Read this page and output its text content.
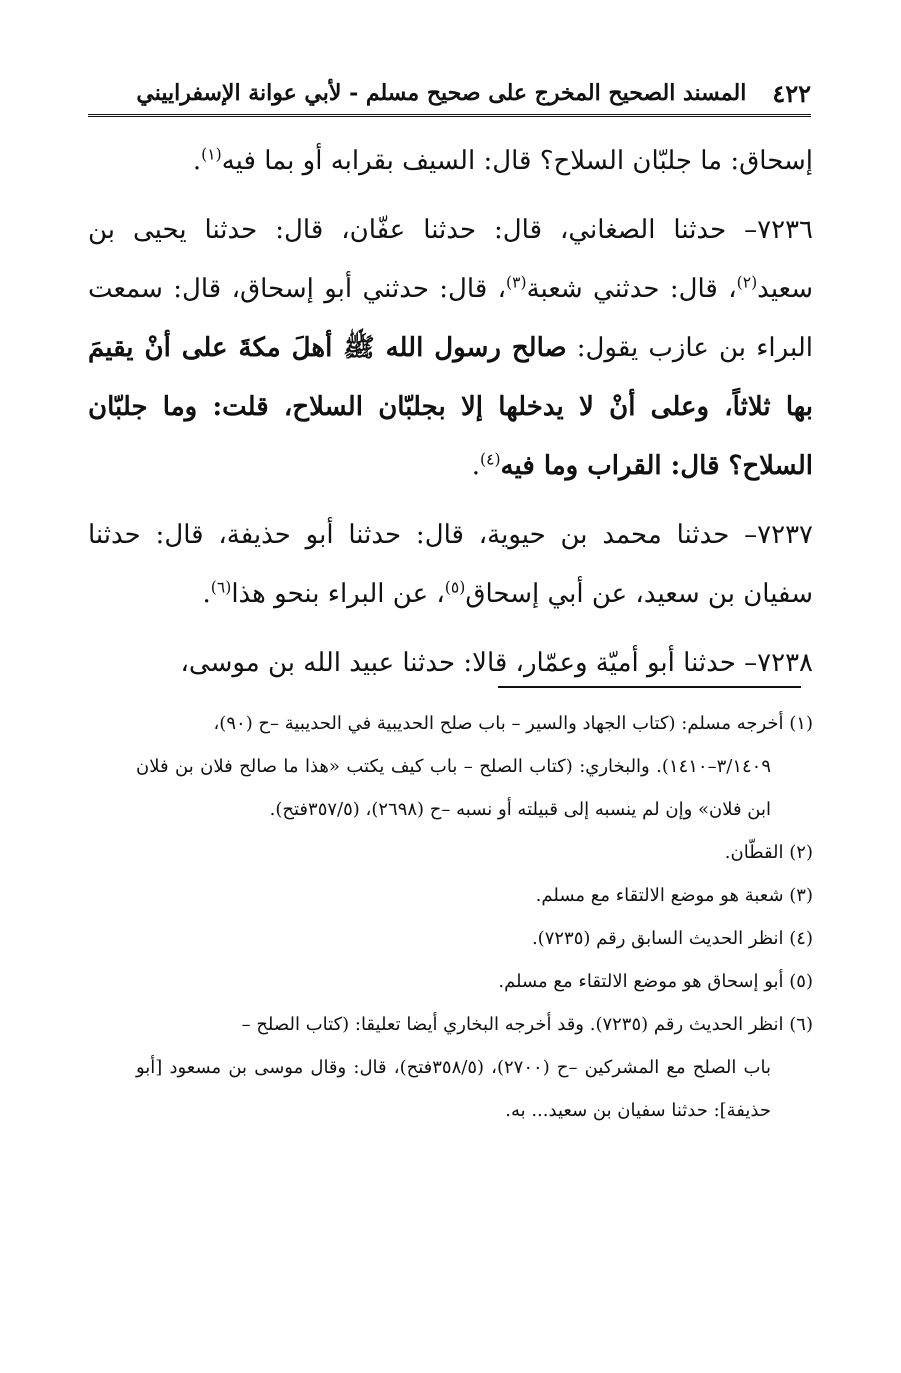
٤٢٢
المسند الصحيح المخرج على صحيح مسلم - لأبي عوانة الإسفراييني

إسحاق: ما جلبّان السلاح؟ قال: السيف بقرابه أو بما فيه$^{(١)}$.

٧٢٣٦– حدثنا الصغاني، قال: حدثنا عفّان، قال: حدثنا يحيى بن سعيد$^{(٢)}$، قال: حدثني شعبة$^{(٣)}$، قال: حدثني أبو إسحاق، قال: سمعت البراء بن عازب يقول: صالح رسول الله ﷺ أهلَ مكةَ على أنْ يقيمَ بها ثلاثاً، وعلى أنْ لا يدخلها إلا بجلبّان السلاح، قلت: وما جلبّان السلاح؟ قال: القراب وما فيه$^{(٤)}$.

٧٢٣٧– حدثنا محمد بن حيوية، قال: حدثنا أبو حذيفة، قال: حدثنا سفيان بن سعيد، عن أبي إسحاق$^{(٥)}$، عن البراء بنحو هذا$^{(٦)}$.

٧٢٣٨– حدثنا أبو أميّة وعمّار، قالا: حدثنا عبيد الله بن موسى،

(١) أخرجه مسلم: (كتاب الجهاد والسير – باب صلح الحديبية في الحديبية –ح (٩٠)،

٣/١٤٠٩–١٤١٠). والبخاري: (كتاب الصلح – باب كيف يكتب «هذا ما صالح فلان بن فلان ابن فلان» وإن لم ينسبه إلى قبيلته أو نسبه –ح (٢٦٩٨)، (٣٥٧/٥فتح).

(٢) القطّان.

(٣) شعبة هو موضع الالتقاء مع مسلم.

(٤) انظر الحديث السابق رقم (٧٢٣٥).

(٥) أبو إسحاق هو موضع الالتقاء مع مسلم.

(٦) انظر الحديث رقم (٧٢٣٥). وقد أخرجه البخاري أيضا تعليقا: (كتاب الصلح –

باب الصلح مع المشركين –ح (٢٧٠٠)، (٣٥٨/٥فتح)، قال: وقال موسى بن مسعود [أبو حذيفة]: حدثنا سفيان بن سعيد... به.
